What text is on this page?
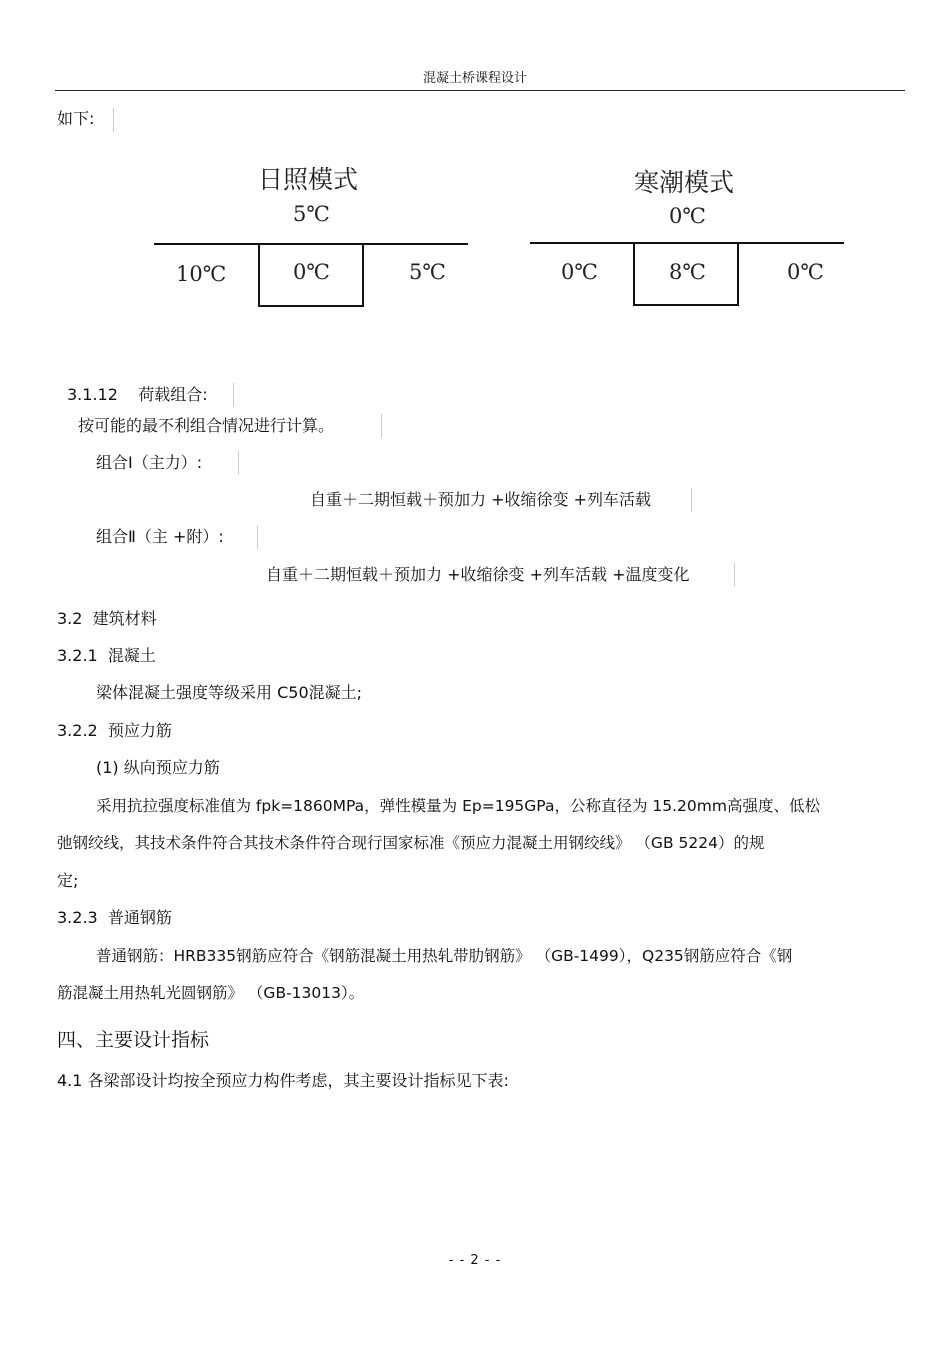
混凝土桥课程设计
如下:
日照模式
5℃
10℃	0℃	5℃
寒潮模式
0℃
0℃	8℃	0℃
3.1.12 荷载组合:
按可能的最不利组合情况进行计算。
组合Ⅰ（主力）:
自重＋二期恒载＋预加力 +收缩徐变 +列车活载
组合Ⅱ（主 +附）:
自重＋二期恒载＋预加力 +收缩徐变 +列车活载 +温度变化
3.2 建筑材料
3.2.1 混凝土
梁体混凝土强度等级采用 C50混凝土;
3.2.2 预应力筋
(1) 纵向预应力筋
采用抗拉强度标准值为 fpk=1860MPa，弹性模量为 Ep=195GPa，公称直径为 15.20mm高强度、低松
弛钢绞线，其技术条件符合其技术条件符合现行国家标准《预应力混凝土用钢绞线》 （GB 5224）的规
定;
3.2.3 普通钢筋
普通钢筋：HRB335钢筋应符合《钢筋混凝土用热轧带肋钢筋》 （GB-1499），Q235钢筋应符合《钢
筋混凝土用热轧光圆钢筋》 （GB-13013）。
四、主要设计指标
4.1 各梁部设计均按全预应力构件考虑，其主要设计指标见下表:
- - 2 - -
